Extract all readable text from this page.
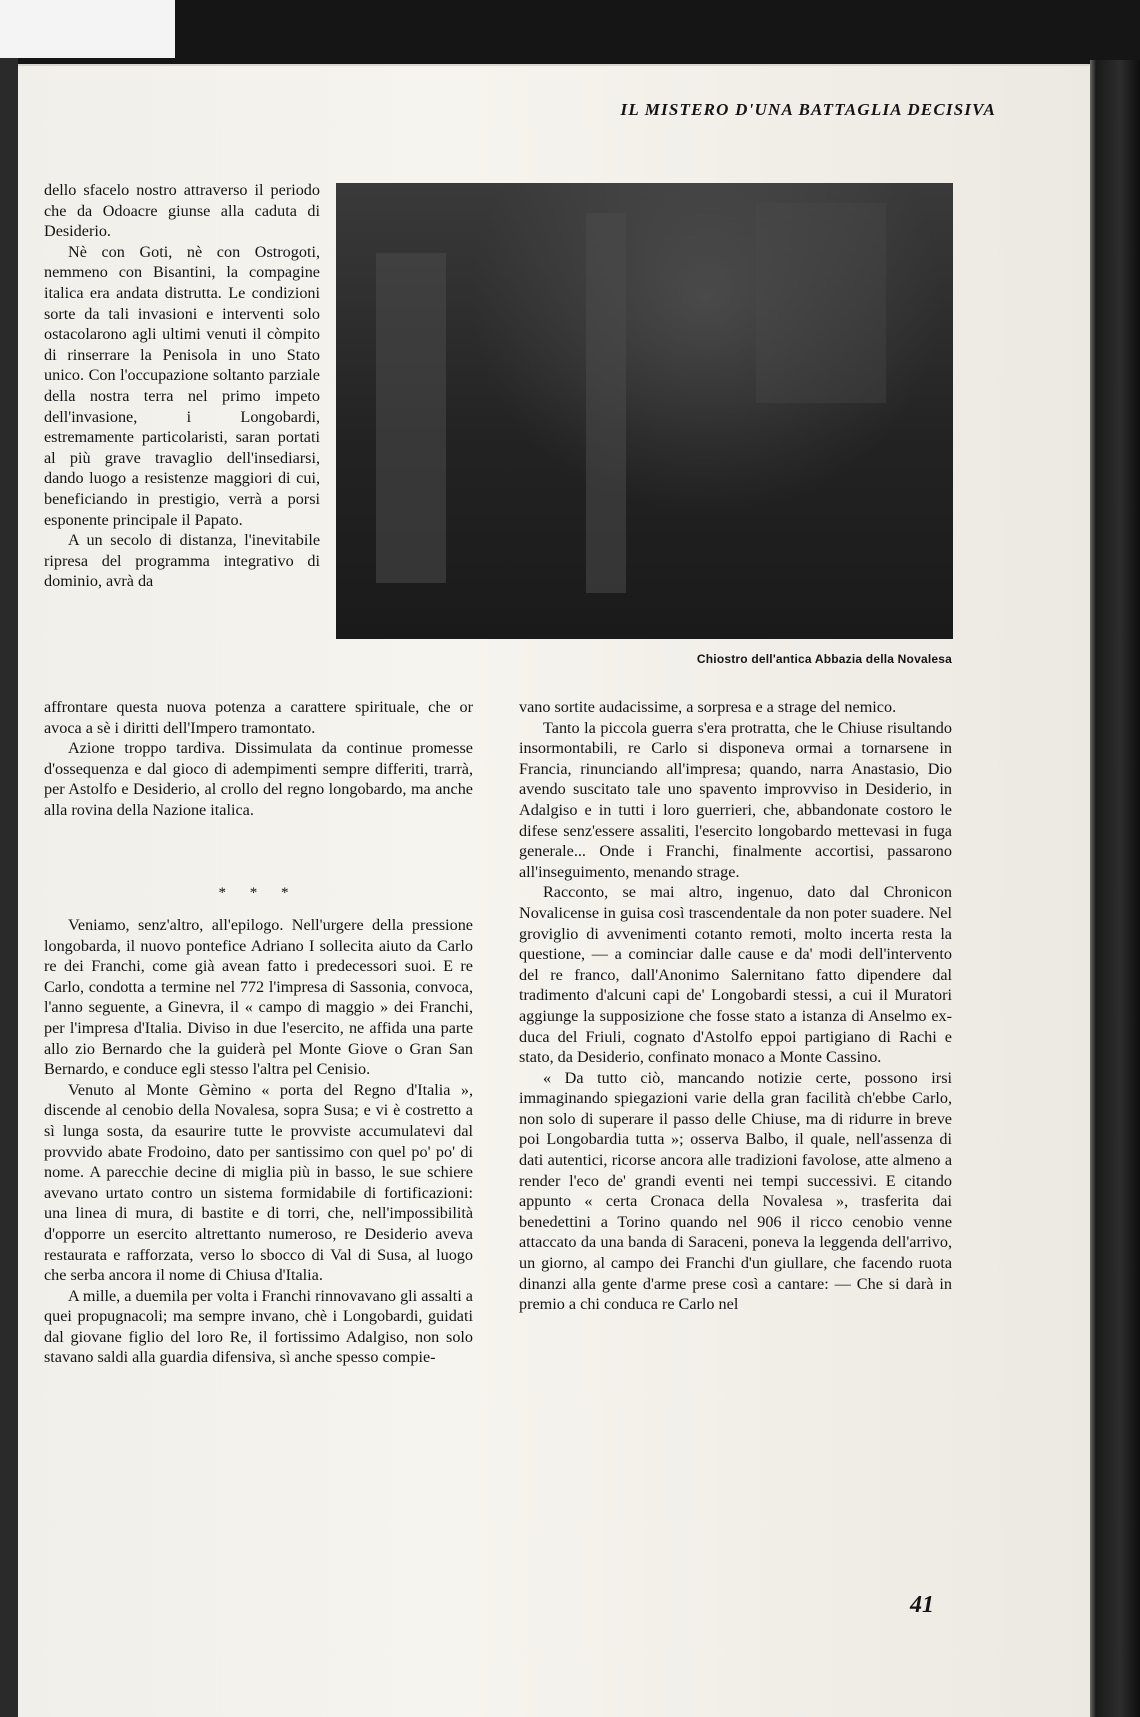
IL MISTERO D'UNA BATTAGLIA DECISIVA

dello sfacelo nostro attraverso il periodo che da Odoacre giunse alla caduta di Desiderio.

Nè con Goti, nè con Ostrogoti, nemmeno con Bisantini, la compagine italica era andata distrutta. Le condizioni sorte da tali invasioni e interventi solo ostacolarono agli ultimi venuti il còmpito di rinserrare la Penisola in uno Stato unico. Con l'occupazione soltanto parziale della nostra terra nel primo impeto dell'invasione, i Longobardi, estremamente particolaristi, saran portati al più grave travaglio dell'insediarsi, dando luogo a resistenze maggiori di cui, beneficiando in prestigio, verrà a porsi esponente principale il Papato.

A un secolo di distanza, l'inevitabile ripresa del programma integrativo di dominio, avrà da

Chiostro dell'antica Abbazia della Novalesa

affrontare questa nuova potenza a carattere spirituale, che or avoca a sè i diritti dell'Impero tramontato.

Azione troppo tardiva. Dissimulata da continue promesse d'ossequenza e dal gioco di adempimenti sempre differiti, trarrà, per Astolfo e Desiderio, al crollo del regno longobardo, ma anche alla rovina della Nazione italica.

* * *

Veniamo, senz'altro, all'epilogo. Nell'urgere della pressione longobarda, il nuovo pontefice Adriano I sollecita aiuto da Carlo re dei Franchi, come già avean fatto i predecessori suoi. E re Carlo, condotta a termine nel 772 l'impresa di Sassonia, convoca, l'anno seguente, a Ginevra, il « campo di maggio » dei Franchi, per l'impresa d'Italia. Diviso in due l'esercito, ne affida una parte allo zio Bernardo che la guiderà pel Monte Giove o Gran San Bernardo, e conduce egli stesso l'altra pel Cenisio.

Venuto al Monte Gèmino « porta del Regno d'Italia », discende al cenobio della Novalesa, sopra Susa; e vi è costretto a sì lunga sosta, da esaurire tutte le provviste accumulatevi dal provvido abate Frodoino, dato per santissimo con quel po' po' di nome. A parecchie decine di miglia più in basso, le sue schiere avevano urtato contro un sistema formidabile di fortificazioni: una linea di mura, di bastite e di torri, che, nell'impossibilità d'opporre un esercito altrettanto numeroso, re Desiderio aveva restaurata e rafforzata, verso lo sbocco di Val di Susa, al luogo che serba ancora il nome di Chiusa d'Italia.

A mille, a duemila per volta i Franchi rinnovavano gli assalti a quei propugnacoli; ma sempre invano, chè i Longobardi, guidati dal giovane figlio del loro Re, il fortissimo Adalgiso, non solo stavano saldi alla guardia difensiva, sì anche spesso compie-

vano sortite audacissime, a sorpresa e a strage del nemico.

Tanto la piccola guerra s'era protratta, che le Chiuse risultando insormontabili, re Carlo si disponeva ormai a tornarsene in Francia, rinunciando all'impresa; quando, narra Anastasio, Dio avendo suscitato tale uno spavento improvviso in Desiderio, in Adalgiso e in tutti i loro guerrieri, che, abbandonate costoro le difese senz'essere assaliti, l'esercito longobardo mettevasi in fuga generale... Onde i Franchi, finalmente accortisi, passarono all'inseguimento, menando strage.

Racconto, se mai altro, ingenuo, dato dal Chronicon Novalicense in guisa così trascendentale da non poter suadere. Nel groviglio di avvenimenti cotanto remoti, molto incerta resta la questione, — a cominciar dalle cause e da' modi dell'intervento del re franco, dall'Anonimo Salernitano fatto dipendere dal tradimento d'alcuni capi de' Longobardi stessi, a cui il Muratori aggiunge la supposizione che fosse stato a istanza di Anselmo ex-duca del Friuli, cognato d'Astolfo eppoi partigiano di Rachi e stato, da Desiderio, confinato monaco a Monte Cassino.

« Da tutto ciò, mancando notizie certe, possono irsi immaginando spiegazioni varie della gran facilità ch'ebbe Carlo, non solo di superare il passo delle Chiuse, ma di ridurre in breve poi Longobardia tutta »; osserva Balbo, il quale, nell'assenza di dati autentici, ricorse ancora alle tradizioni favolose, atte almeno a render l'eco de' grandi eventi nei tempi successivi. E citando appunto « certa Cronaca della Novalesa », trasferita dai benedettini a Torino quando nel 906 il ricco cenobio venne attaccato da una banda di Saraceni, poneva la leggenda dell'arrivo, un giorno, al campo dei Franchi d'un giullare, che facendo ruota dinanzi alla gente d'arme prese così a cantare: — Che si darà in premio a chi conduca re Carlo nel

41
